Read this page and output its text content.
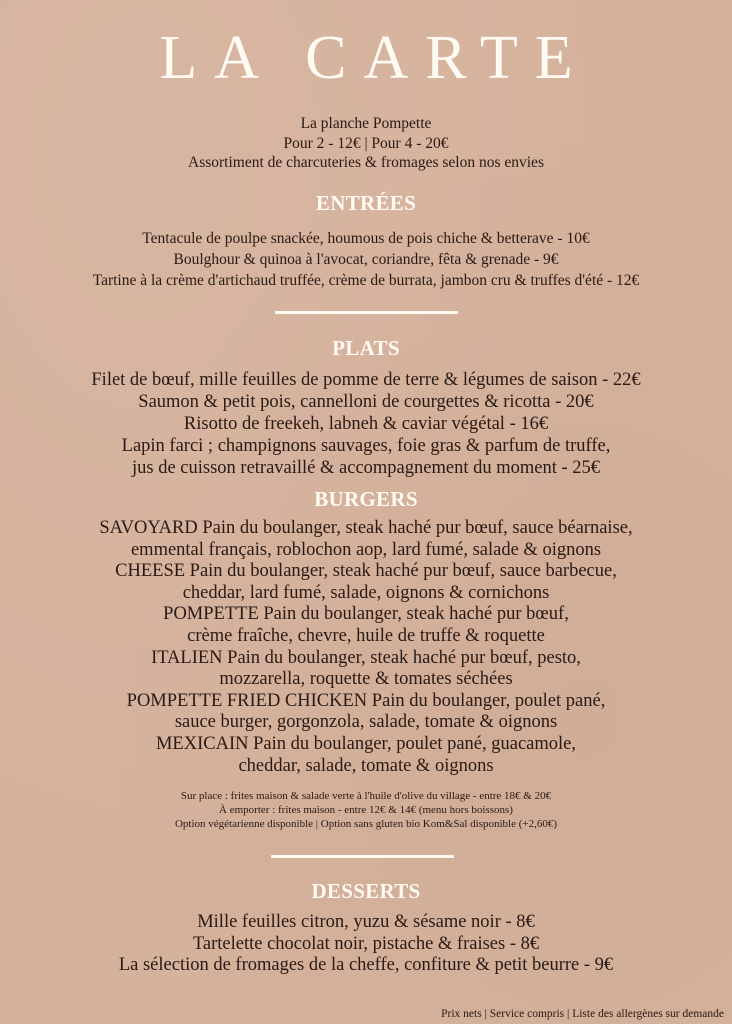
LA CARTE
La planche Pompette
Pour 2 - 12€ | Pour 4 - 20€
Assortiment de charcuteries & fromages selon nos envies
ENTRÉES
Tentacule de poulpe snackée, houmous de pois chiche & betterave - 10€
Boulghour & quinoa à l'avocat, coriandre, fêta & grenade - 9€
Tartine à la crème d'artichaud truffée, crème de burrata, jambon cru & truffes d'été - 12€
PLATS
Filet de bœuf, mille feuilles de pomme de terre & légumes de saison - 22€
Saumon & petit pois, cannelloni de courgettes & ricotta - 20€
Risotto de freekeh, labneh & caviar végétal - 16€
Lapin farci ; champignons sauvages, foie gras & parfum de truffe,
jus de cuisson retravaillé & accompagnement du moment - 25€
BURGERS
SAVOYARD Pain du boulanger, steak haché pur bœuf, sauce béarnaise,
emmental français, roblochon aop, lard fumé, salade & oignons
CHEESE Pain du boulanger, steak haché pur bœuf, sauce barbecue,
cheddar, lard fumé, salade, oignons & cornichons
POMPETTE Pain du boulanger, steak haché pur bœuf,
crème fraîche, chevre, huile de truffe & roquette
ITALIEN Pain du boulanger, steak haché pur bœuf, pesto,
mozzarella, roquette & tomates séchées
POMPETTE FRIED CHICKEN Pain du boulanger, poulet pané,
sauce burger, gorgonzola, salade, tomate & oignons
MEXICAIN Pain du boulanger, poulet pané, guacamole,
cheddar, salade, tomate & oignons
Sur place : frites maison & salade verte à l'huile d'olive du village - entre 18€ & 20€
À emporter : frites maison - entre 12€ & 14€ (menu hors boissons)
Option végétarienne disponible | Option sans gluten bio Kom&Sal disponible (+2,60€)
DESSERTS
Mille feuilles citron, yuzu & sésame noir - 8€
Tartelette chocolat noir, pistache & fraises - 8€
La sélection de fromages de la cheffe, confiture & petit beurre - 9€
Prix nets | Service compris | Liste des allergènes sur demande
